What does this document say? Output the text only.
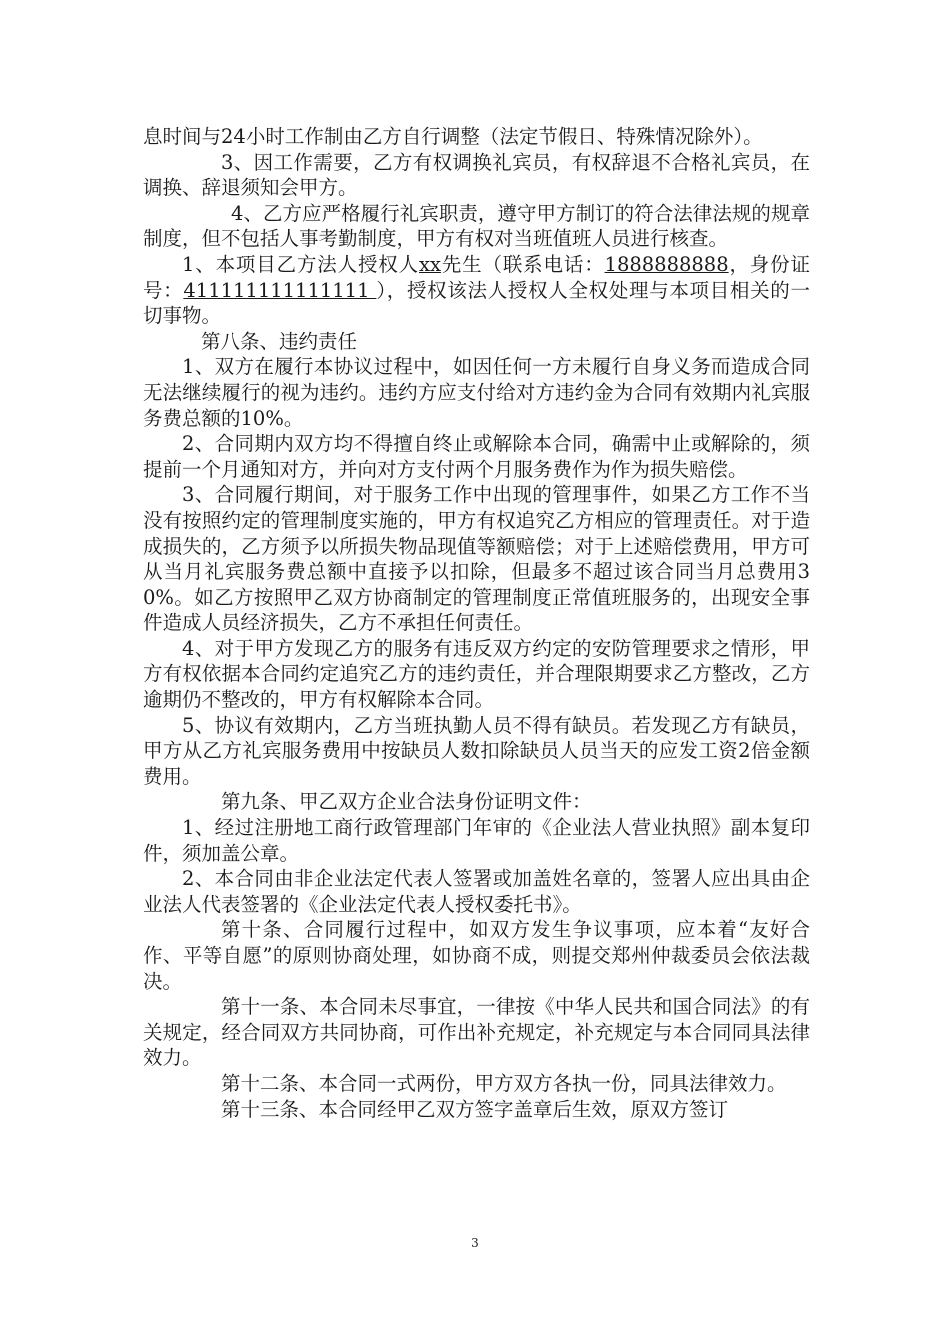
息时间与24小时工作制由乙方自行调整（法定节假日、特殊情况除外）。

3、因工作需要，乙方有权调换礼宾员，有权辞退不合格礼宾员，在调换、辞退须知会甲方。

4、乙方应严格履行礼宾职责，遵守甲方制订的符合法律法规的规章制度，但不包括人事考勤制度，甲方有权对当班值班人员进行核查。

1、本项目乙方法人授权人xx先生（联系电话：1888888888，身份证号：411111111111111 ），授权该法人授权人全权处理与本项目相关的一切事物。

第八条、违约责任

1、双方在履行本协议过程中，如因任何一方未履行自身义务而造成合同无法继续履行的视为违约。违约方应支付给对方违约金为合同有效期内礼宾服务费总额的10%。

2、合同期内双方均不得擅自终止或解除本合同，确需中止或解除的，须提前一个月通知对方，并向对方支付两个月服务费作为作为损失赔偿。

3、合同履行期间，对于服务工作中出现的管理事件，如果乙方工作不当没有按照约定的管理制度实施的，甲方有权追究乙方相应的管理责任。对于造成损失的，乙方须予以所损失物品现值等额赔偿；对于上述赔偿费用，甲方可从当月礼宾服务费总额中直接予以扣除，但最多不超过该合同当月总费用30%。如乙方按照甲乙双方协商制定的管理制度正常值班服务的，出现安全事件造成人员经济损失，乙方不承担任何责任。

4、对于甲方发现乙方的服务有违反双方约定的安防管理要求之情形，甲方有权依据本合同约定追究乙方的违约责任，并合理限期要求乙方整改，乙方逾期仍不整改的，甲方有权解除本合同。

5、协议有效期内，乙方当班执勤人员不得有缺员。若发现乙方有缺员，甲方从乙方礼宾服务费用中按缺员人数扣除缺员人员当天的应发工资2倍金额费用。

第九条、甲乙双方企业合法身份证明文件：

1、经过注册地工商行政管理部门年审的《企业法人营业执照》副本复印件，须加盖公章。

2、本合同由非企业法定代表人签署或加盖姓名章的，签署人应出具由企业法人代表签署的《企业法定代表人授权委托书》。

第十条、合同履行过程中，如双方发生争议事项，应本着“友好合作、平等自愿”的原则协商处理，如协商不成，则提交郑州仲裁委员会依法裁决。

第十一条、本合同未尽事宜，一律按《中华人民共和国合同法》的有关规定，经合同双方共同协商，可作出补充规定，补充规定与本合同同具法律效力。

第十二条、本合同一式两份，甲方双方各执一份，同具法律效力。

第十三条、本合同经甲乙双方签字盖章后生效，原双方签订

3
